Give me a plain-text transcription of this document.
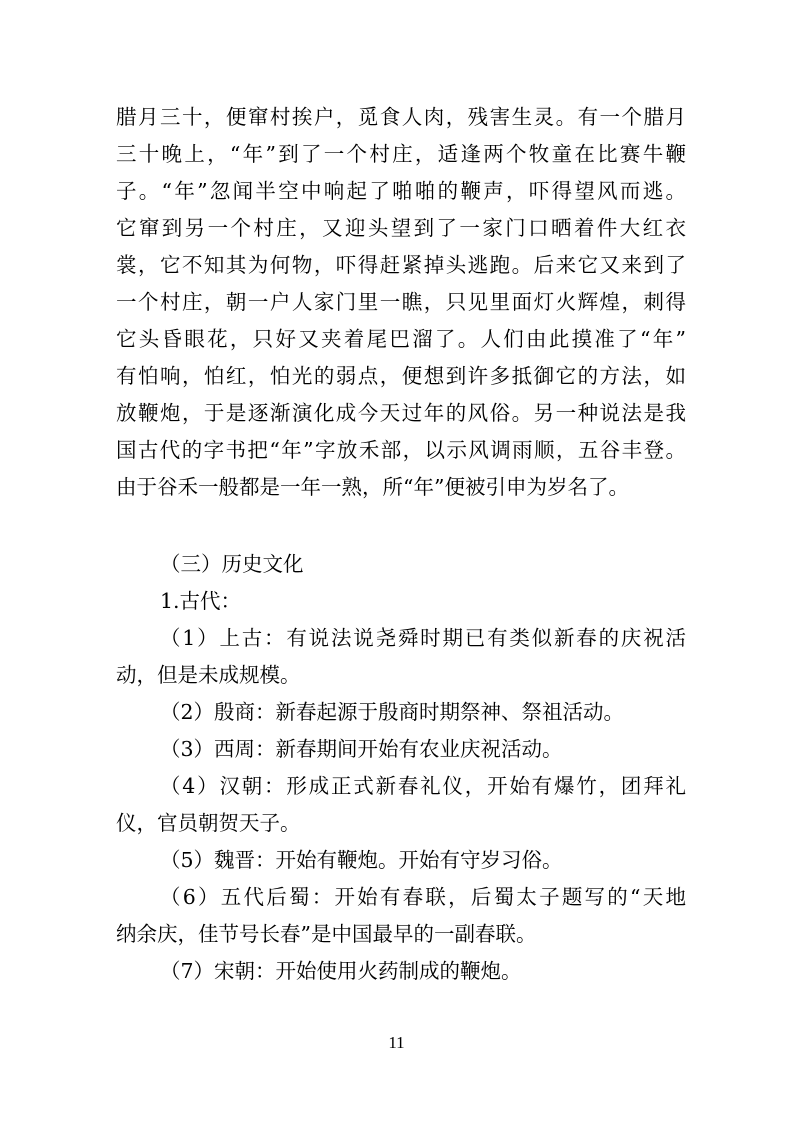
腊月三十，便窜村挨户，觅食人肉，残害生灵。有一个腊月
三十晚上，“年”到了一个村庄，适逢两个牧童在比赛牛鞭
子。“年”忽闻半空中响起了啪啪的鞭声，吓得望风而逃。
它窜到另一个村庄，又迎头望到了一家门口晒着件大红衣
裳，它不知其为何物，吓得赶紧掉头逃跑。后来它又来到了
一个村庄，朝一户人家门里一瞧，只见里面灯火辉煌，刺得
它头昏眼花，只好又夹着尾巴溜了。人们由此摸准了“年”
有怕响，怕红，怕光的弱点，便想到许多抵御它的方法，如
放鞭炮，于是逐渐演化成今天过年的风俗。另一种说法是我
国古代的字书把“年”字放禾部，以示风调雨顺，五谷丰登。
由于谷禾一般都是一年一熟，所“年”便被引申为岁名了。
（三）历史文化
1.古代：
（1）上古：有说法说尧舜时期已有类似新春的庆祝活
动，但是未成规模。
（2）殷商：新春起源于殷商时期祭神、祭祖活动。
（3）西周：新春期间开始有农业庆祝活动。
（4）汉朝：形成正式新春礼仪，开始有爆竹，团拜礼
仪，官员朝贺天子。
（5）魏晋：开始有鞭炮。开始有守岁习俗。
（6）五代后蜀：开始有春联，后蜀太子题写的“天地
纳余庆，佳节号长春”是中国最早的一副春联。
（7）宋朝：开始使用火药制成的鞭炮。
11
